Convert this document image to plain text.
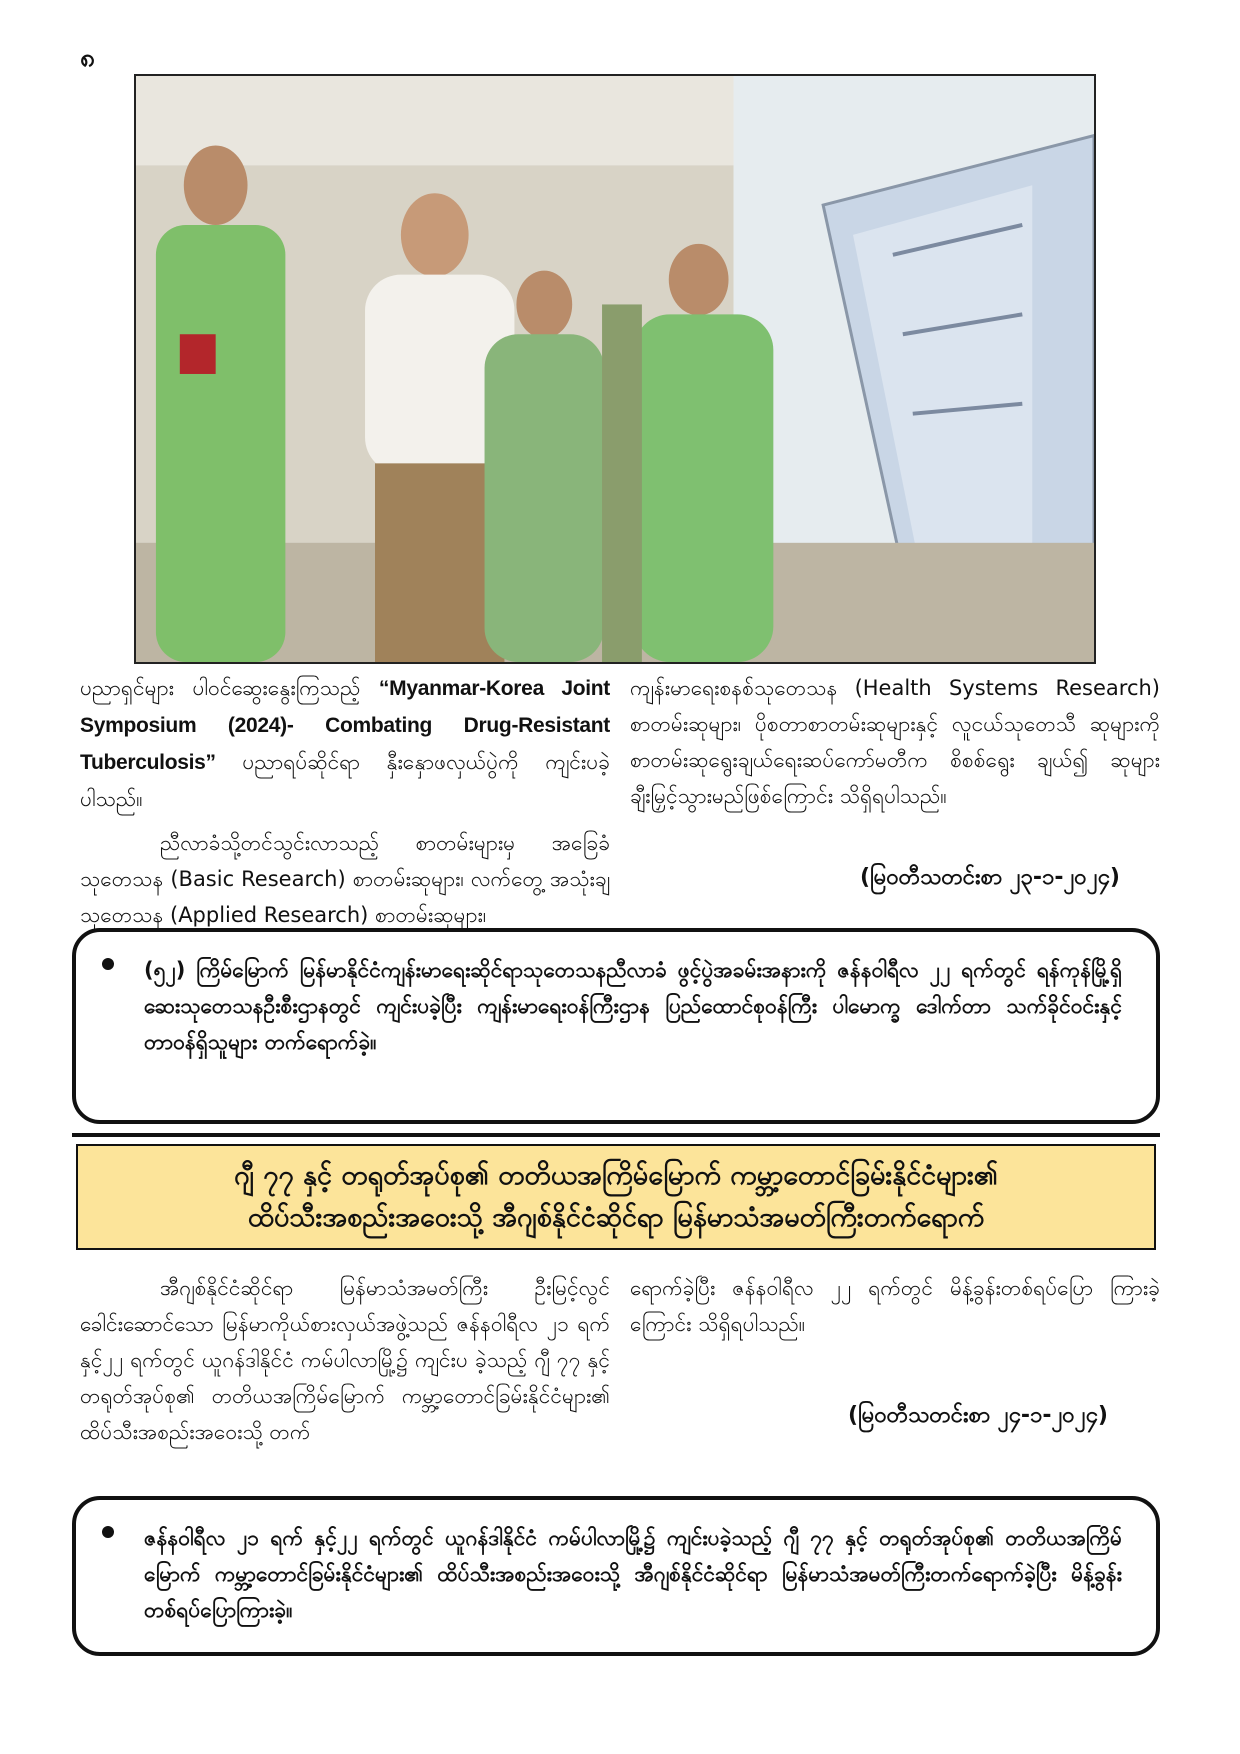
၈

ပညာရှင်များ ပါဝင်ဆွေးနွေးကြသည့် “Myanmar-Korea Joint Symposium (2024)- Combating Drug-Resistant Tuberculosis” ပညာရပ်ဆိုင်ရာ နှီးနှောဖလှယ်ပွဲကို ကျင်းပခဲ့ပါသည်။

ညီလာခံသို့တင်သွင်းလာသည့် စာတမ်းများမှ အခြေခံ သုတေသန (Basic Research) စာတမ်းဆုများ၊ လက်တွေ့ အသုံးချသုတေသန (Applied Research) စာတမ်းဆုများ၊

ကျန်းမာရေးစနစ်သုတေသန (Health Systems Research) စာတမ်းဆုများ၊ ပိုစတာစာတမ်းဆုများနှင့် လူငယ်သုတေသီ ဆုများကို စာတမ်းဆုရွေးချယ်ရေးဆပ်ကော်မတီက စိစစ်ရွေး ချယ်၍ ဆုများချီးမြှင့်သွားမည်ဖြစ်ကြောင်း သိရှိရပါသည်။

(မြဝတီသတင်းစာ ၂၃-၁-၂၀၂၄)

(၅၂) ကြိမ်မြောက် မြန်မာနိုင်ငံကျန်းမာရေးဆိုင်ရာသုတေသနညီလာခံ ဖွင့်ပွဲအခမ်းအနားကို ဇန်နဝါရီလ ၂၂ ရက်တွင် ရန်ကုန်မြို့ရှိ ဆေးသုတေသနဦးစီးဌာနတွင် ကျင်းပခဲ့ပြီး ကျန်းမာရေးဝန်ကြီးဌာန ပြည်ထောင်စုဝန်ကြီး ပါမောက္ခ ဒေါက်တာ သက်ခိုင်ဝင်းနှင့် တာဝန်ရှိသူများ တက်ရောက်ခဲ့။

ဂျီ ၇၇ နှင့် တရုတ်အုပ်စု၏ တတိယအကြိမ်မြောက် ကမ္ဘာ့တောင်ခြမ်းနိုင်ငံများ၏
ထိပ်သီးအစည်းအဝေးသို့ အီဂျစ်နိုင်ငံဆိုင်ရာ မြန်မာသံအမတ်ကြီးတက်ရောက်

အီဂျစ်နိုင်ငံဆိုင်ရာ မြန်မာသံအမတ်ကြီး ဦးမြင့်လွင် ခေါင်းဆောင်သော မြန်မာကိုယ်စားလှယ်အဖွဲ့သည် ဇန်နဝါရီလ ၂၁ ရက် နှင့်၂၂ ရက်တွင် ယူဂန်ဒါနိုင်ငံ ကမ်ပါလာမြို့၌ ကျင်းပ ခဲ့သည့် ဂျီ ၇၇ နှင့် တရုတ်အုပ်စု၏ တတိယအကြိမ်မြောက် ကမ္ဘာ့တောင်ခြမ်းနိုင်ငံများ၏ ထိပ်သီးအစည်းအဝေးသို့ တက်

ရောက်ခဲ့ပြီး ဇန်နဝါရီလ ၂၂ ရက်တွင် မိန့်ခွန်းတစ်ရပ်ပြော ကြားခဲ့ကြောင်း သိရှိရပါသည်။

(မြဝတီသတင်းစာ ၂၄-၁-၂၀၂၄)

ဇန်နဝါရီလ ၂၁ ရက် နှင့်၂၂ ရက်တွင် ယူဂန်ဒါနိုင်ငံ ကမ်ပါလာမြို့၌ ကျင်းပခဲ့သည့် ဂျီ ၇၇ နှင့် တရုတ်အုပ်စု၏ တတိယအကြိမ်မြောက် ကမ္ဘာ့တောင်ခြမ်းနိုင်ငံများ၏ ထိပ်သီးအစည်းအဝေးသို့ အီဂျစ်နိုင်ငံဆိုင်ရာ မြန်မာသံအမတ်ကြီးတက်ရောက်ခဲ့ပြီး မိန့်ခွန်းတစ်ရပ်ပြောကြားခဲ့။
